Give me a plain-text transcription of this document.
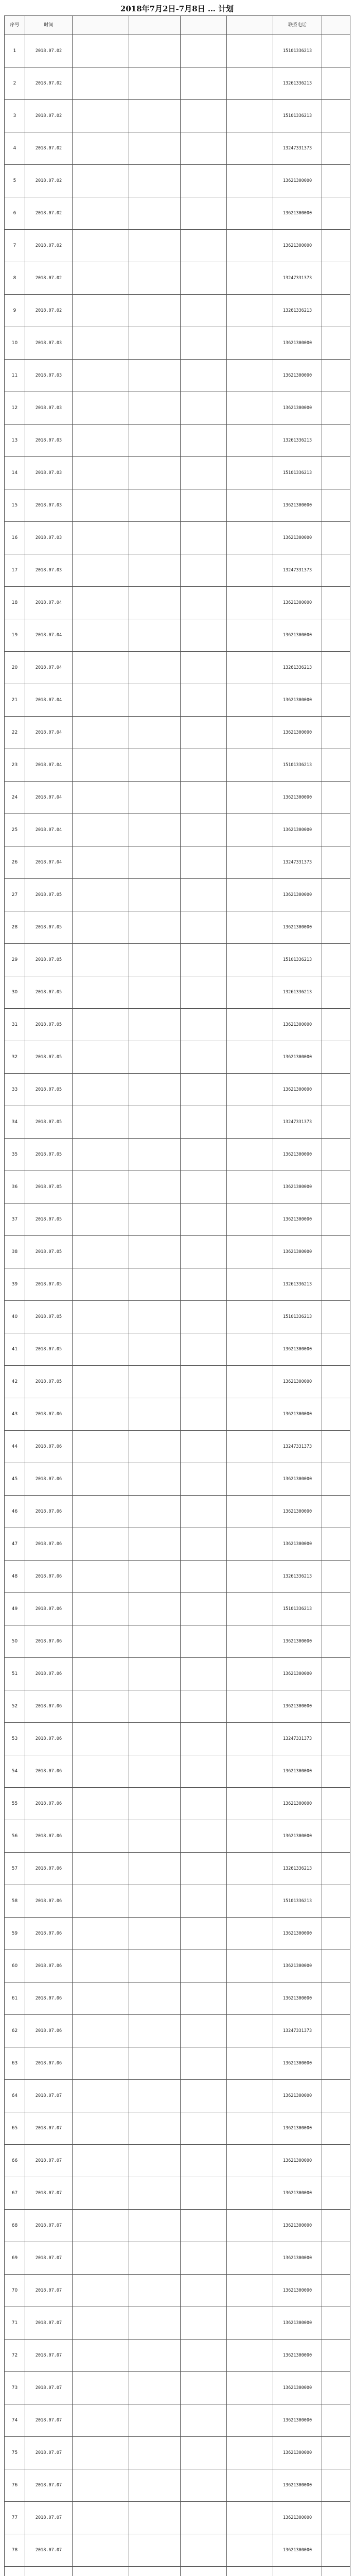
2018年7月2日-7月8日 … 计划
序号	时间					联系电话	
1	2018.07.02					15101336213	
2	2018.07.02					13261336213	
3	2018.07.02					15101336213	
4	2018.07.02					13247331373	
5	2018.07.02					13621300000	
6	2018.07.02					13621300000	
7	2018.07.02					13621300000	
8	2018.07.02					13247331373	
9	2018.07.02					13261336213	
10	2018.07.03					13621300000	
11	2018.07.03					13621300000	
12	2018.07.03					13621300000	
13	2018.07.03					13261336213	
14	2018.07.03					15101336213	
15	2018.07.03					13621300000	
16	2018.07.03					13621300000	
17	2018.07.03					13247331373	
18	2018.07.04					13621300000	
19	2018.07.04					13621300000	
20	2018.07.04					13261336213	
21	2018.07.04					13621300000	
22	2018.07.04					13621300000	
23	2018.07.04					15101336213	
24	2018.07.04					13621300000	
25	2018.07.04					13621300000	
26	2018.07.04					13247331373	
27	2018.07.05					13621300000	
28	2018.07.05					13621300000	
29	2018.07.05					15101336213	
30	2018.07.05					13261336213	
31	2018.07.05					13621300000	
32	2018.07.05					13621300000	
33	2018.07.05					13621300000	
34	2018.07.05					13247331373	
35	2018.07.05					13621300000	
36	2018.07.05					13621300000	
37	2018.07.05					13621300000	
38	2018.07.05					13621300000	
39	2018.07.05					13261336213	
40	2018.07.05					15101336213	
41	2018.07.05					13621300000	
42	2018.07.05					13621300000	
43	2018.07.06					13621300000	
44	2018.07.06					13247331373	
45	2018.07.06					13621300000	
46	2018.07.06					13621300000	
47	2018.07.06					13621300000	
48	2018.07.06					13261336213	
49	2018.07.06					15101336213	
50	2018.07.06					13621300000	
51	2018.07.06					13621300000	
52	2018.07.06					13621300000	
53	2018.07.06					13247331373	
54	2018.07.06					13621300000	
55	2018.07.06					13621300000	
56	2018.07.06					13621300000	
57	2018.07.06					13261336213	
58	2018.07.06					15101336213	
59	2018.07.06					13621300000	
60	2018.07.06					13621300000	
61	2018.07.06					13621300000	
62	2018.07.06					13247331373	
63	2018.07.06					13621300000	
64	2018.07.07					13621300000	
65	2018.07.07					13621300000	
66	2018.07.07					13621300000	
67	2018.07.07					13621300000	
68	2018.07.07					13621300000	
69	2018.07.07					13621300000	
70	2018.07.07					13621300000	
71	2018.07.07					13621300000	
72	2018.07.07					13621300000	
73	2018.07.07					13621300000	
74	2018.07.07					13621300000	
75	2018.07.07					13621300000	
76	2018.07.07					13621300000	
77	2018.07.07					13621300000	
78	2018.07.07					13621300000	
